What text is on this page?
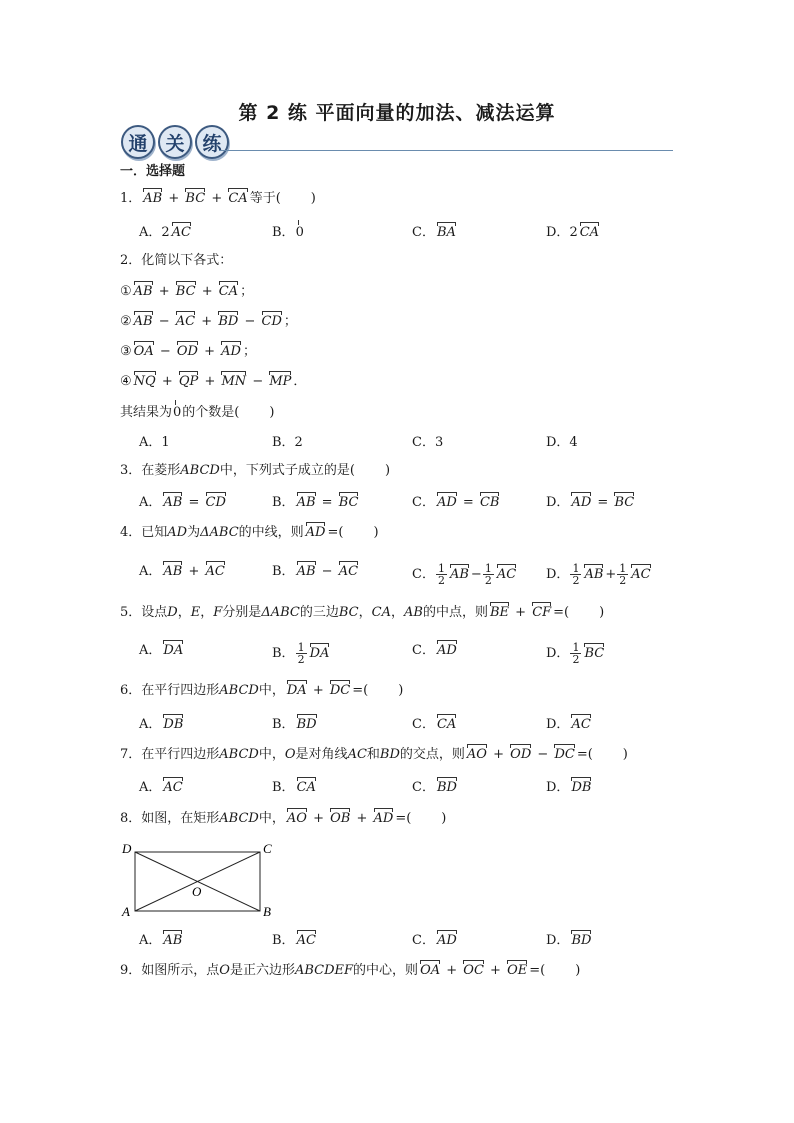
第 2 练 平面向量的加法、减法运算
通 关 练
一．选择题
1． AB + BC + CA 等于( )
A．2 AC	B．0	C． BA	D．2 CA
2．化简以下各式：
① AB + BC + CA ；
② AB − AC + BD − CD ；
③ OA − OD + AD ；
④ NQ + QP + MN − MP ．
其结果为0的个数是( )
A．1	B．2	C．3	D．4
3．在菱形ABCD中，下列式子成立的是( )
A． AB = CD	B． AB = BC	C． AD = CB	D． AD = BC
4．已知AD为ΔABC的中线，则 AD =( )
A． AB + AC	B． AB − AC	C． $\frac{1}{2}$ AB − $\frac{1}{2}$ AC D． $\frac{1}{2}$ AB + $\frac{1}{2}$ AC
5．设点D，E，F分别是ΔABC的三边BC，CA，AB的中点，则 BE + CF =( )
A． DA	B． $\frac{1}{2}$ DA	C． AD	D． $\frac{1}{2}$ BC
6．在平行四边形ABCD中， DA + DC =( )
A． DB	B． BD	C． CA	D． AC
7．在平行四边形ABCD中，O是对角线AC和BD的交点，则 AO + OD − DC =( )
A． AC	B． CA	C． BD	D． DB
8．如图，在矩形ABCD中， AO + OB + AD =( )
D	C
A	B
O
A． AB	B． AC	C． AD	D． BD
9．如图所示，点O是正六边形ABCDEF的中心，则 OA + OC + OE =( )
